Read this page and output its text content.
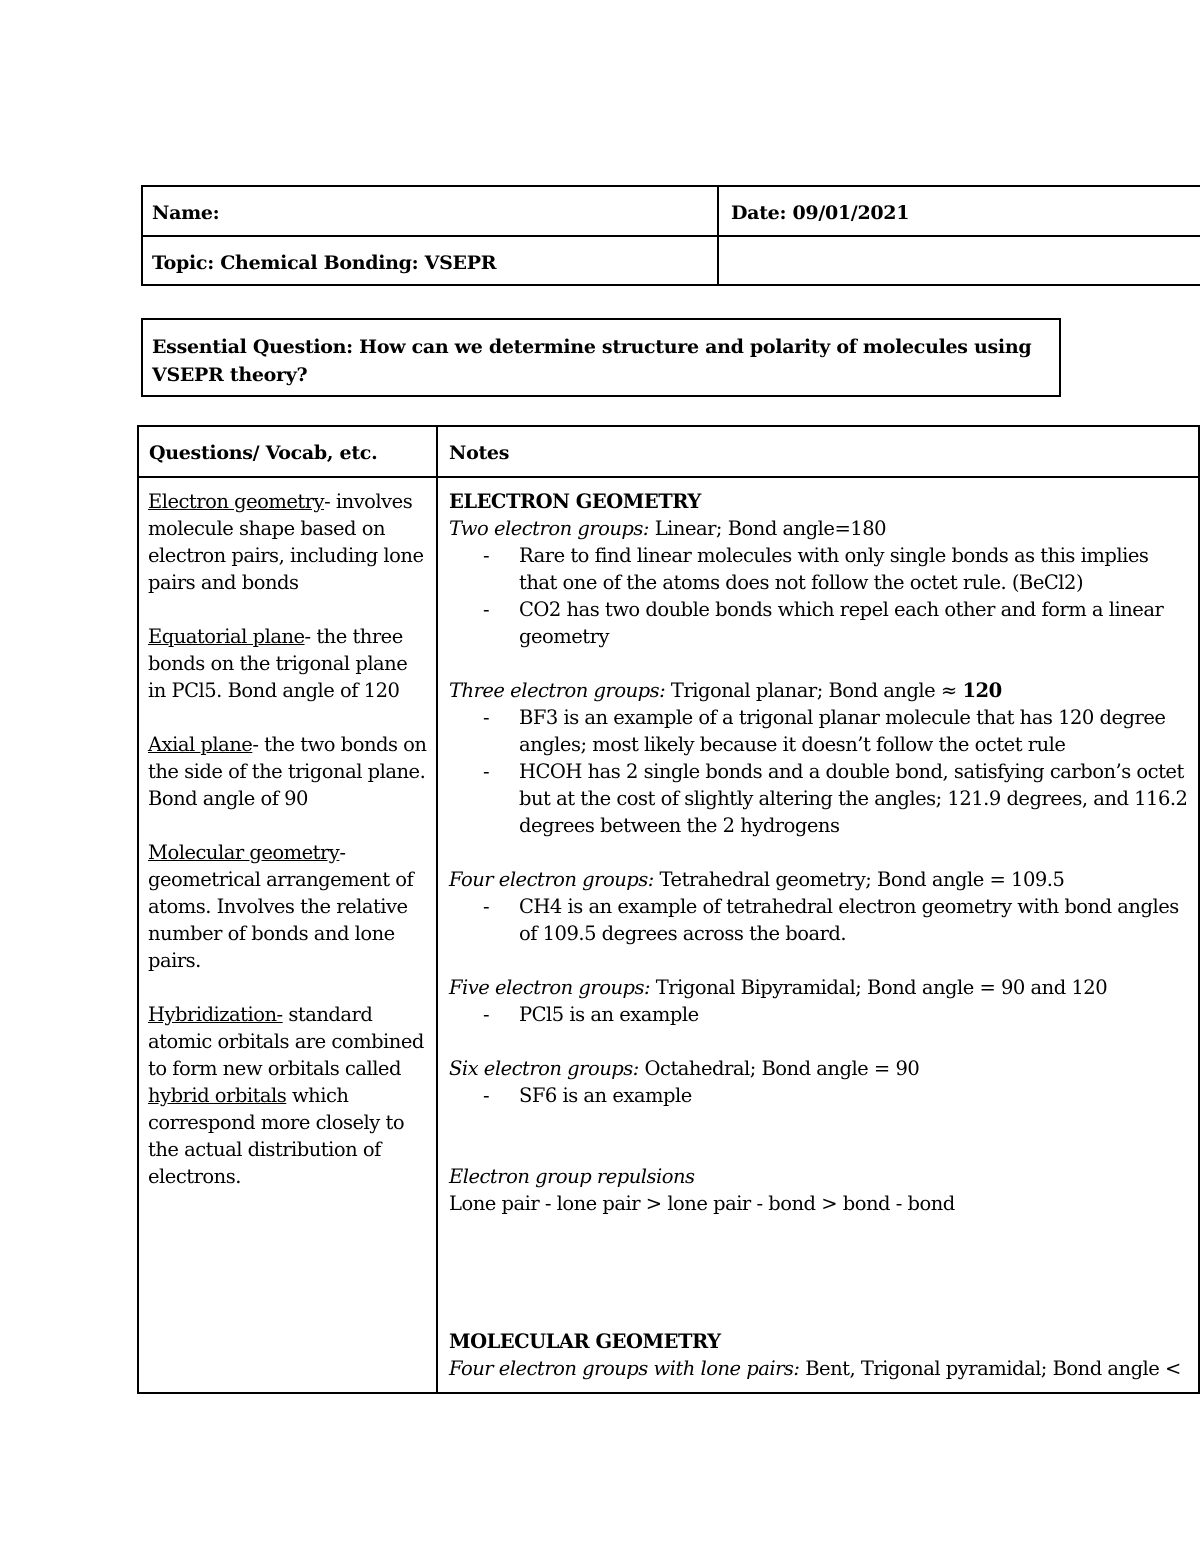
Name:	Date: 09/01/2021
Topic: Chemical Bonding: VSEPR
Essential Question: How can we determine structure and polarity of molecules using VSEPR theory?
Questions/ Vocab, etc.	Notes
Electron geometry- involves molecule shape based on electron pairs, including lone pairs and bonds
Equatorial plane- the three bonds on the trigonal plane in PCl5. Bond angle of 120
Axial plane- the two bonds on the side of the trigonal plane. Bond angle of 90
Molecular geometry- geometrical arrangement of atoms. Involves the relative number of bonds and lone pairs.
Hybridization- standard atomic orbitals are combined to form new orbitals called hybrid orbitals which correspond more closely to the actual distribution of electrons.
ELECTRON GEOMETRY
Two electron groups: Linear; Bond angle=180
- Rare to find linear molecules with only single bonds as this implies that one of the atoms does not follow the octet rule. (BeCl2)
- CO2 has two double bonds which repel each other and form a linear geometry
Three electron groups: Trigonal planar; Bond angle ≈ 120
- BF3 is an example of a trigonal planar molecule that has 120 degree angles; most likely because it doesn’t follow the octet rule
- HCOH has 2 single bonds and a double bond, satisfying carbon’s octet but at the cost of slightly altering the angles; 121.9 degrees, and 116.2 degrees between the 2 hydrogens
Four electron groups: Tetrahedral geometry; Bond angle = 109.5
- CH4 is an example of tetrahedral electron geometry with bond angles of 109.5 degrees across the board.
Five electron groups: Trigonal Bipyramidal; Bond angle = 90 and 120
- PCl5 is an example
Six electron groups: Octahedral; Bond angle = 90
- SF6 is an example
Electron group repulsions
Lone pair - lone pair > lone pair - bond > bond - bond
MOLECULAR GEOMETRY
Four electron groups with lone pairs: Bent, Trigonal pyramidal; Bond angle <
